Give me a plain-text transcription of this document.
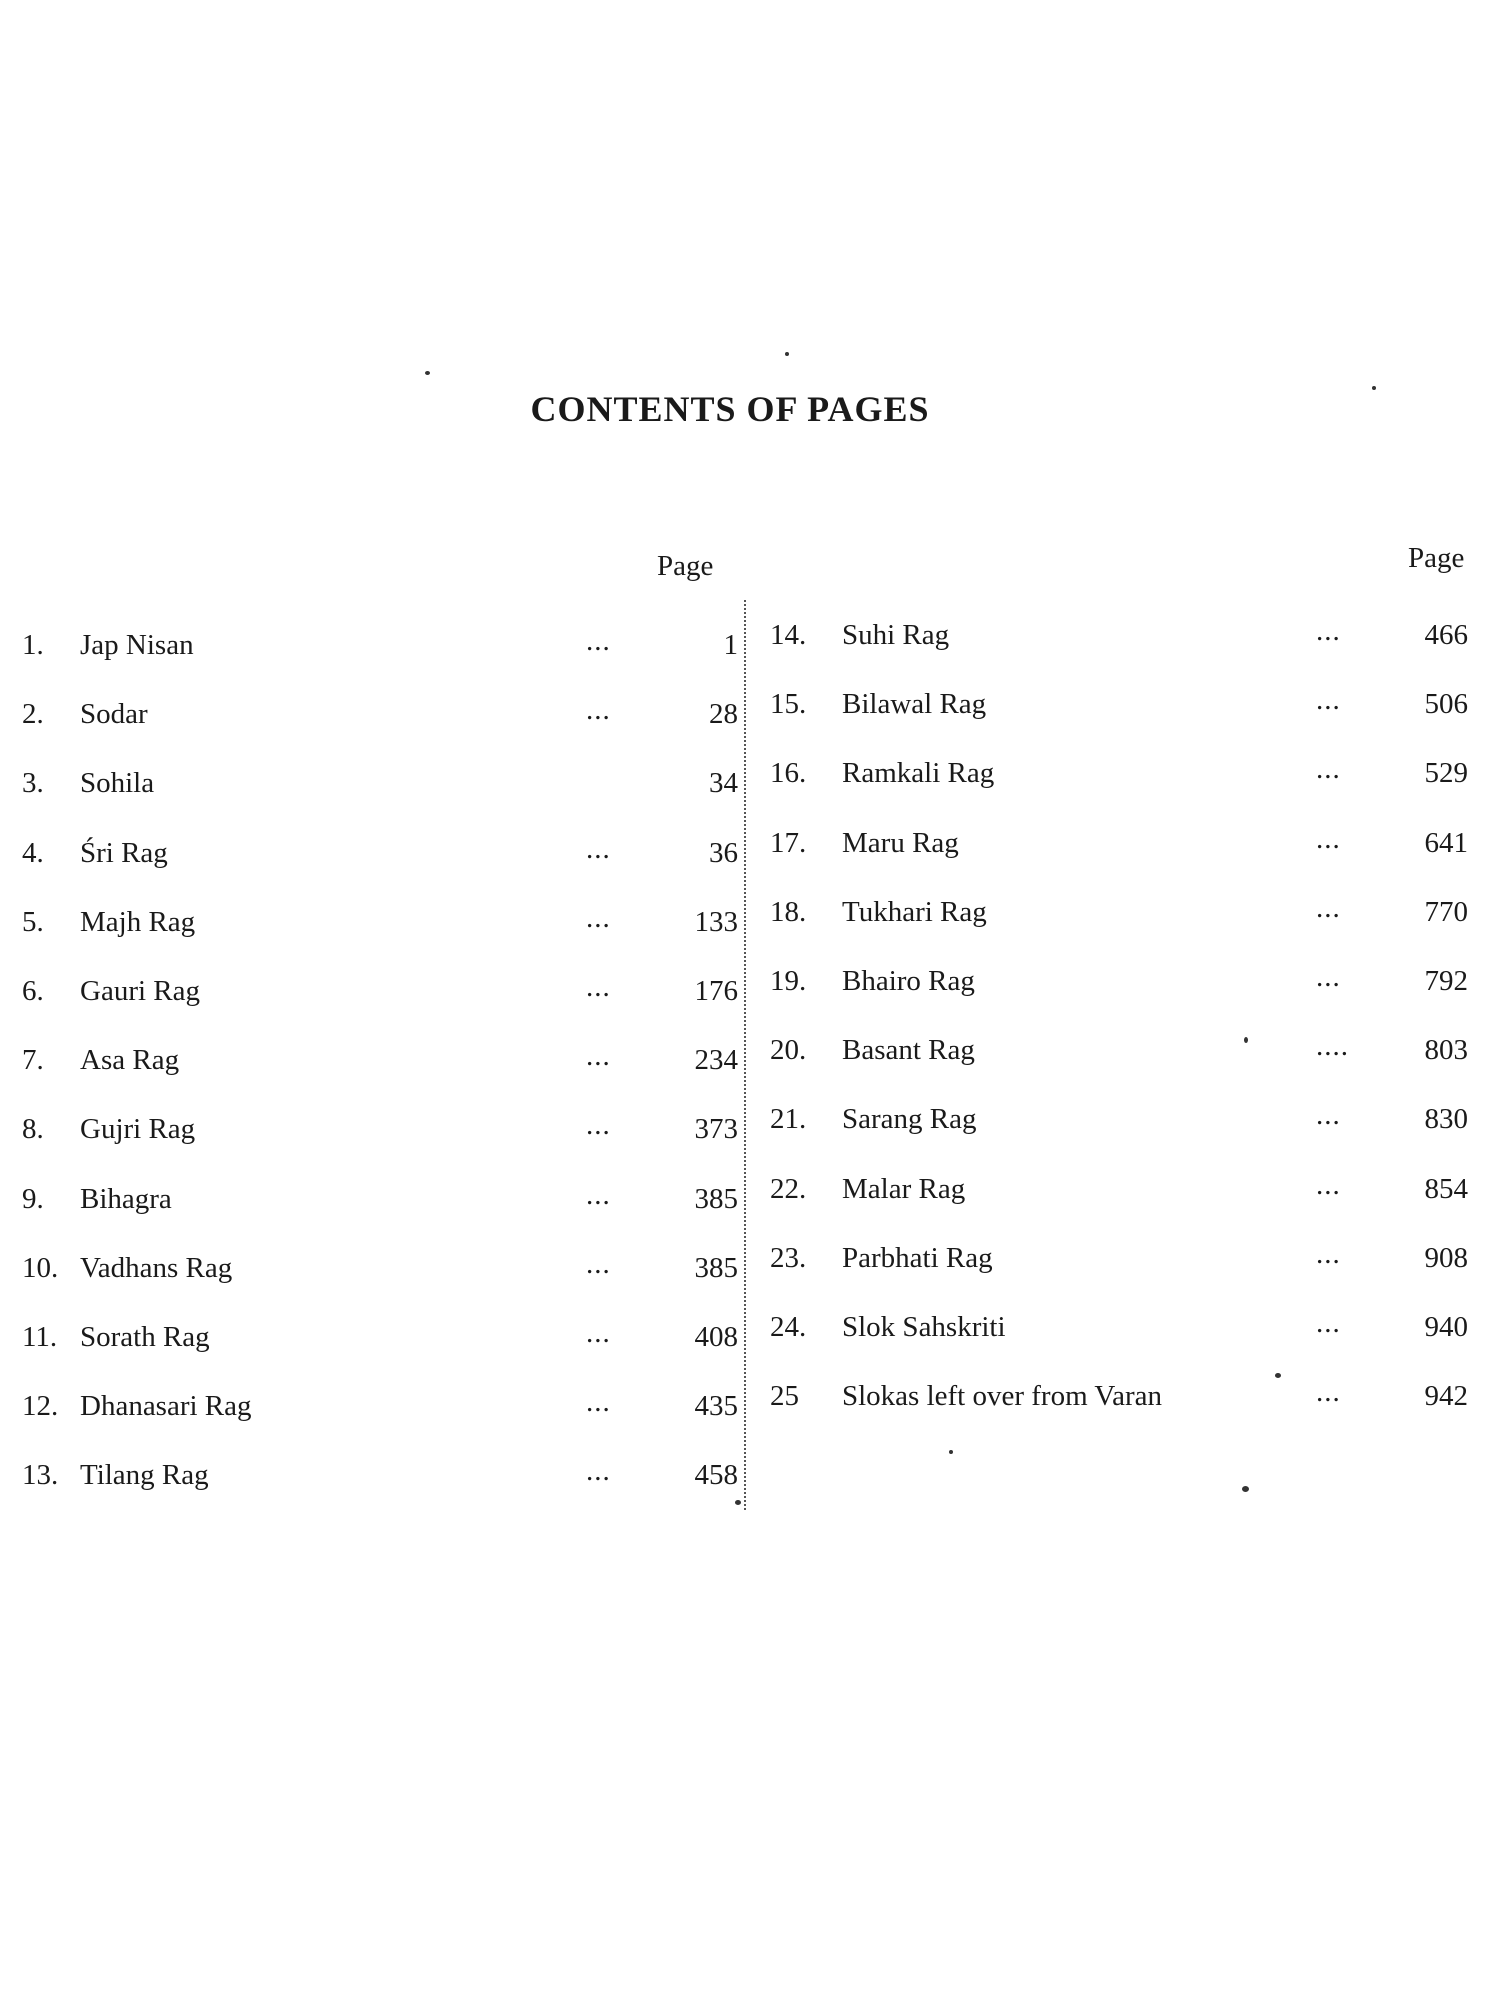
CONTENTS OF PAGES
Page	Page
1. Jap Nisan	...	1
2. Sodar	...	28
3. Sohila	34
4. Śri Rag	...	36
5. Majh Rag	...	133
6. Gauri Rag	...	176
7. Asa Rag	...	234
8. Gujri Rag	...	373
9. Bihagra	...	385
10. Vadhans Rag	...	385
11. Sorath Rag	...	408
12. Dhanasari Rag	...	435
13. Tilang Rag	...	458
14. Suhi Rag	...	466
15. Bilawal Rag	...	506
16. Ramkali Rag	...	529
17. Maru Rag	...	641
18. Tukhari Rag	...	770
19. Bhairo Rag	...	792
20. Basant Rag	....	803
21. Sarang Rag	...	830
22. Malar Rag	...	854
23. Parbhati Rag	...	908
24. Slok Sahskriti	...	940
25 Slokas left over from Varan	...	942
